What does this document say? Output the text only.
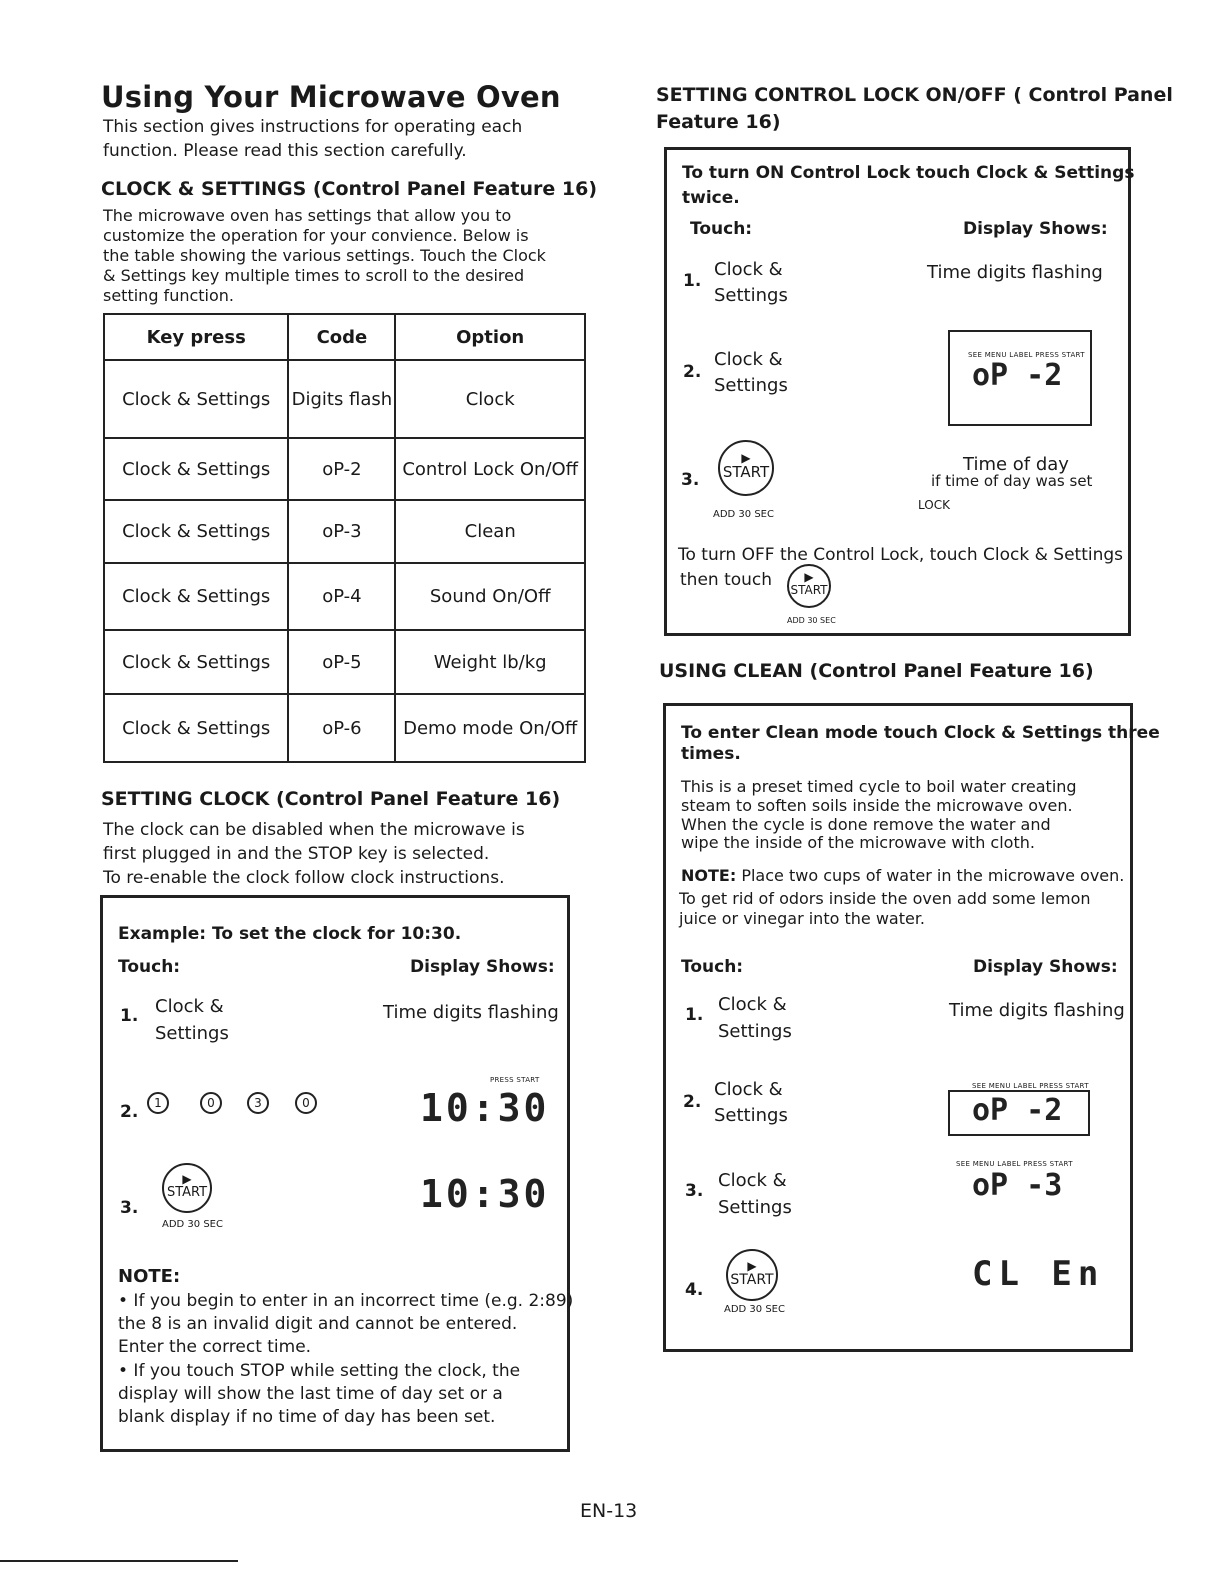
Using Your Microwave Oven
This section gives instructions for operating each
function. Please read this section carefully.
CLOCK & SETTINGS (Control Panel Feature 16)
The microwave oven has settings that allow you to
customize the operation for your convience. Below is
the table showing the various settings. Touch the Clock
& Settings key multiple times to scroll to the desired
setting function.
Key press	Code	Option
Clock & Settings	Digits flash	Clock
Clock & Settings	oP-2	Control Lock On/Off
Clock & Settings	oP-3	Clean
Clock & Settings	oP-4	Sound On/Off
Clock & Settings	oP-5	Weight lb/kg
Clock & Settings	oP-6	Demo mode On/Off
SETTING CLOCK (Control Panel Feature 16)
The clock can be disabled when the microwave is
first plugged in and the STOP key is selected.
To re-enable the clock follow clock instructions.
Example: To set the clock for 10:30.
Touch:	Display Shows:
1. Clock &
Settings
Time digits flashing
2.	1	0	3	0
PRESS START
10:30
3.
▶
START
ADD 30 SEC
10:30
NOTE:
• If you begin to enter in an incorrect time (e.g. 2:89)
the 8 is an invalid digit and cannot be entered.
Enter the correct time.
• If you touch STOP while setting the clock, the
display will show the last time of day set or a
blank display if no time of day has been set.
SETTING CONTROL LOCK ON/OFF ( Control Panel
Feature 16)
To turn ON Control Lock touch Clock & Settings
twice.
Touch:	Display Shows:
1.
Clock &
Settings
Time digits flashing
2.
Clock &
Settings
SEE MENU LABEL PRESS START
oP -2
3.
▶
START
ADD 30 SEC
Time of day
if time of day was set
LOCK
To turn OFF the Control Lock, touch Clock & Settings
then touch	▶
START
ADD 30 SEC
USING CLEAN (Control Panel Feature 16)
To enter Clean mode touch Clock & Settings three
times.
This is a preset timed cycle to boil water creating
steam to soften soils inside the microwave oven.
When the cycle is done remove the water and
wipe the inside of the microwave with cloth.
NOTE: Place two cups of water in the microwave oven.
To get rid of odors inside the oven add some lemon
juice or vinegar into the water.
Touch:	Display Shows:
1. Clock &
Settings
Time digits flashing
2.
Clock &
Settings
SEE MENU LABEL PRESS START
oP -2
3. Clock &
Settings
SEE MENU LABEL PRESS START
oP -3
4.
▶
START
ADD 30 SEC
CL En
EN-13
